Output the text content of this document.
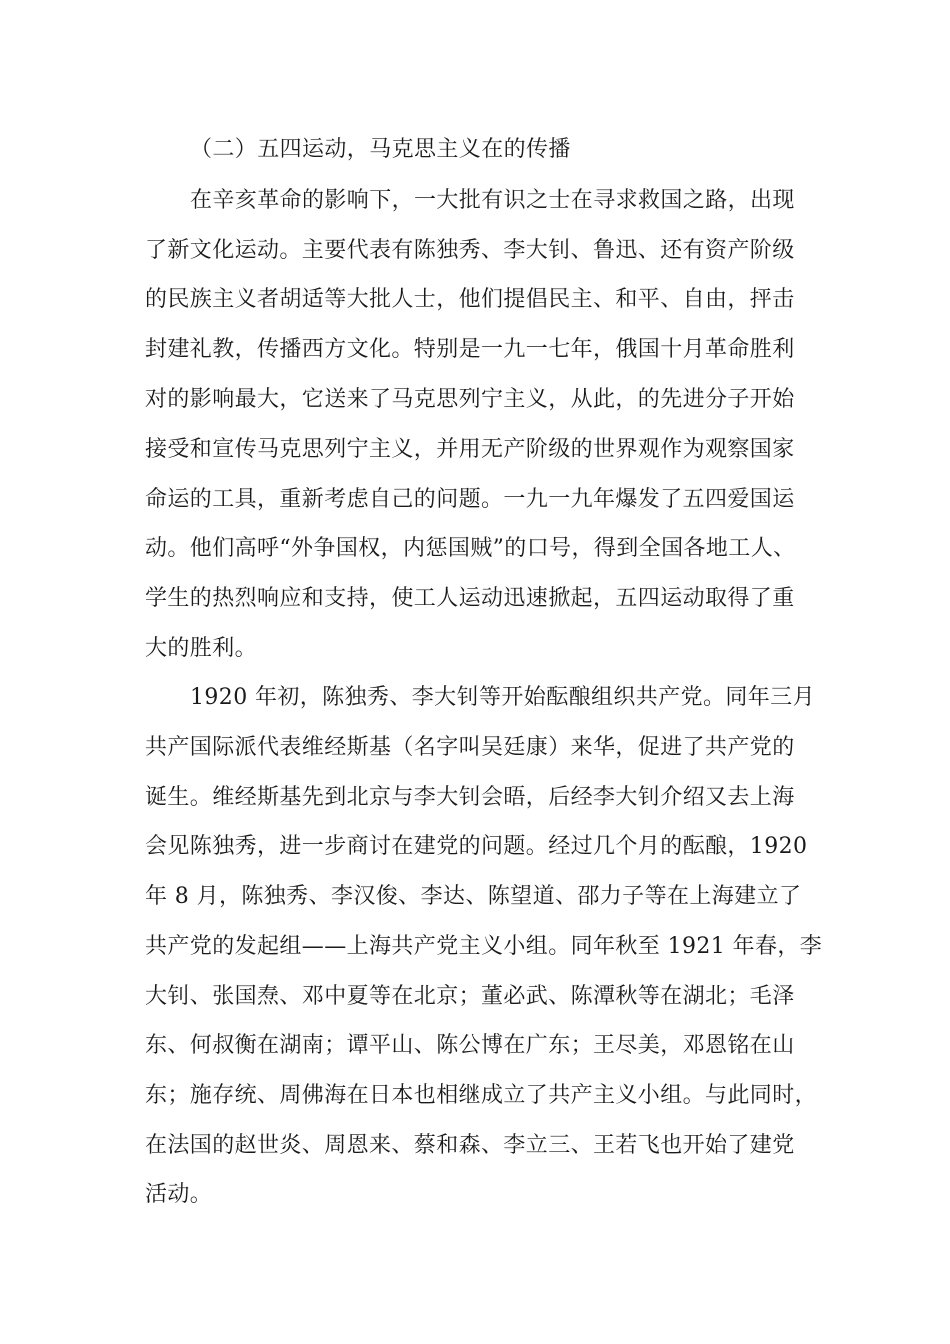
（二）五四运动，马克思主义在的传播
在辛亥革命的影响下，一大批有识之士在寻求救国之路，出现
了新文化运动。主要代表有陈独秀、李大钊、鲁迅、还有资产阶级
的民族主义者胡适等大批人士，他们提倡民主、和平、自由，抨击
封建礼教，传播西方文化。特别是一九一七年，俄国十月革命胜利
对的影响最大，它送来了马克思列宁主义，从此，的先进分子开始
接受和宣传马克思列宁主义，并用无产阶级的世界观作为观察国家
命运的工具，重新考虑自己的问题。一九一九年爆发了五四爱国运
动。他们高呼“外争国权，内惩国贼”的口号，得到全国各地工人、
学生的热烈响应和支持，使工人运动迅速掀起，五四运动取得了重
大的胜利。
1920 年初，陈独秀、李大钊等开始酝酿组织共产党。同年三月
共产国际派代表维经斯基（名字叫吴廷康）来华，促进了共产党的
诞生。维经斯基先到北京与李大钊会晤，后经李大钊介绍又去上海
会见陈独秀，进一步商讨在建党的问题。经过几个月的酝酿，1920
年 8 月，陈独秀、李汉俊、李达、陈望道、邵力子等在上海建立了
共产党的发起组——上海共产党主义小组。同年秋至 1921 年春，李
大钊、张国焘、邓中夏等在北京；董必武、陈潭秋等在湖北；毛泽
东、何叔衡在湖南；谭平山、陈公博在广东；王尽美，邓恩铭在山
东；施存统、周佛海在日本也相继成立了共产主义小组。与此同时，
在法国的赵世炎、周恩来、蔡和森、李立三、王若飞也开始了建党
活动。
